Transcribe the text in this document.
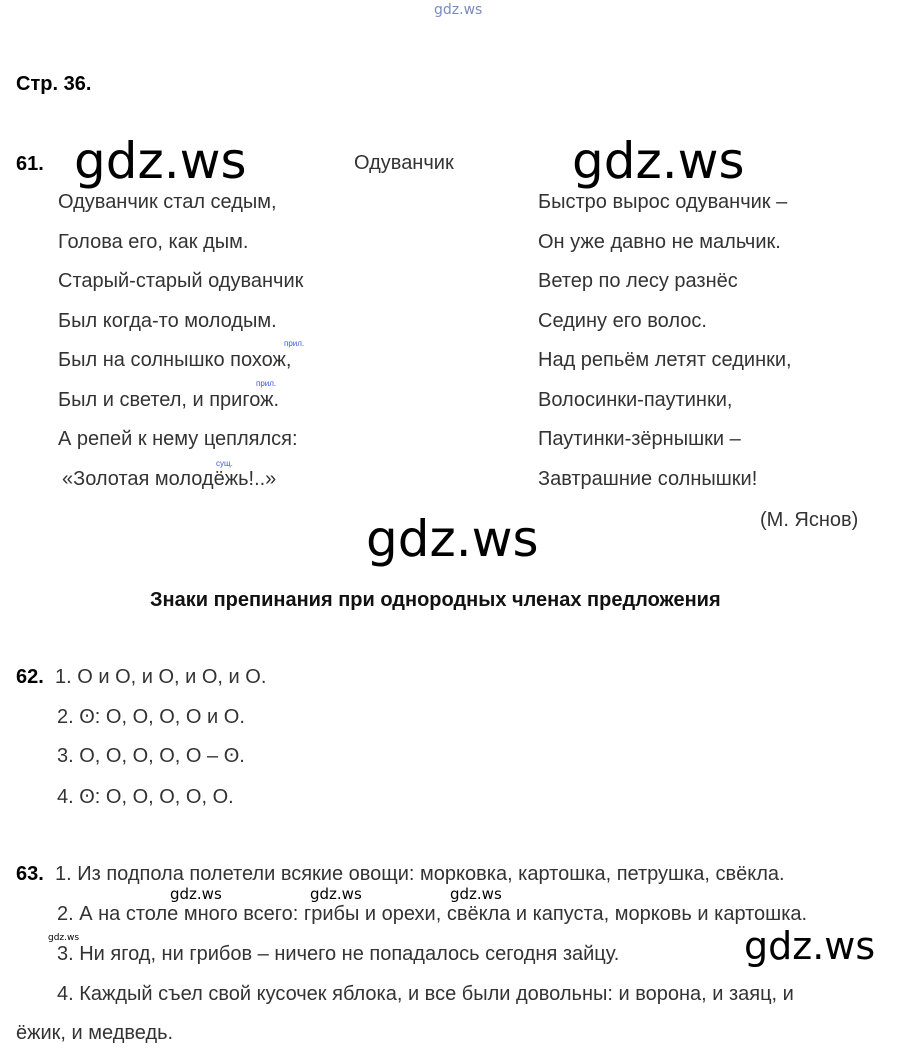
gdz.ws
Стр. 36.
61. gdz.ws	Одуванчик gdz.ws
Одуванчик стал седым,
Голова его, как дым.
Старый-старый одуванчик
Был когда-то молодым.
Был на солнышко похож,
Был и светел, и пригож.
А репей к нему цеплялся:
«Золотая молодёжь!..»
прил.
прил.
сущ.
Быстро вырос одуванчик –
Он уже давно не мальчик.
Ветер по лесу разнёс
Седину его волос.
Над репьём летят сединки,
Волосинки-паутинки,
Паутинки-зёрнышки –
Завтрашние солнышки!
(М. Яснов)
gdz.ws
Знаки препинания при однородных членах предложения
62. 1. О и О, и О, и О, и О.
2. ʘ: О, О, О, О и О.
3. О, О, О, О, О – ʘ.
4. ʘ: О, О, О, О, О.
63. 1. Из подпола полетели всякие овощи: морковка, картошка, петрушка, свёкла.
gdz.ws	gdz.ws	gdz.ws
2. А на столе много всего: грибы и орехи, свёкла и капуста, морковь и картошка.
gdz.ws
3. Ни ягод, ни грибов – ничего не попадалось сегодня зайцу.	gdz.ws
4. Каждый съел свой кусочек яблока, и все были довольны: и ворона, и заяц, и
ёжик, и медведь.
